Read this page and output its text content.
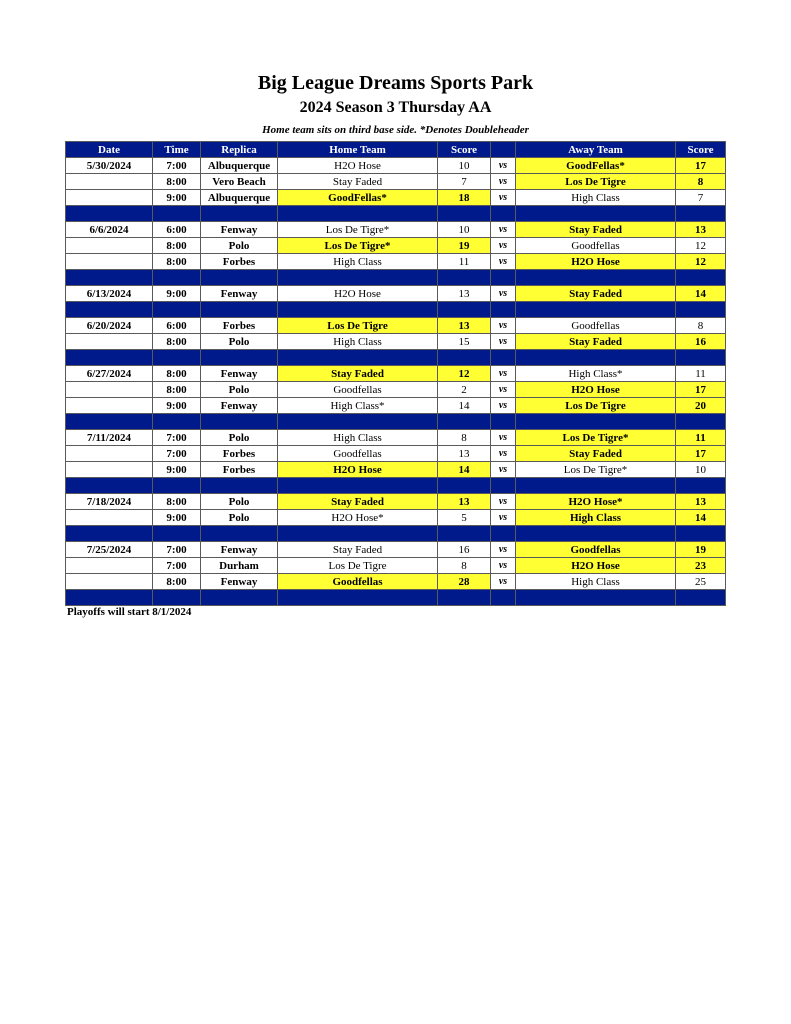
Big League Dreams Sports Park
2024 Season 3 Thursday AA
Home team sits on third base side. *Denotes Doubleheader
Date	Time	Replica	Home Team	Score		Away Team	Score
5/30/2024	7:00	Albuquerque	H2O Hose	10	vs	GoodFellas*	17
	8:00	Vero Beach	Stay Faded	7	vs	Los De Tigre	8
	9:00	Albuquerque	GoodFellas*	18	vs	High Class	7

6/6/2024	6:00	Fenway	Los De Tigre*	10	vs	Stay Faded	13
	8:00	Polo	Los De Tigre*	19	vs	Goodfellas	12
	8:00	Forbes	High Class	11	vs	H2O Hose	12

6/13/2024	9:00	Fenway	H2O Hose	13	vs	Stay Faded	14

6/20/2024	6:00	Forbes	Los De Tigre	13	vs	Goodfellas	8
	8:00	Polo	High Class	15	vs	Stay Faded	16

6/27/2024	8:00	Fenway	Stay Faded	12	vs	High Class*	11
	8:00	Polo	Goodfellas	2	vs	H2O Hose	17
	9:00	Fenway	High Class*	14	vs	Los De Tigre	20

7/11/2024	7:00	Polo	High Class	8	vs	Los De Tigre*	11
	7:00	Forbes	Goodfellas	13	vs	Stay Faded	17
	9:00	Forbes	H2O Hose	14	vs	Los De Tigre*	10

7/18/2024	8:00	Polo	Stay Faded	13	vs	H2O Hose*	13
	9:00	Polo	H2O Hose*	5	vs	High Class	14

7/25/2024	7:00	Fenway	Stay Faded	16	vs	Goodfellas	19
	7:00	Durham	Los De Tigre	8	vs	H2O Hose	23
	8:00	Fenway	Goodfellas	28	vs	High Class	25

Playoffs will start 8/1/2024
